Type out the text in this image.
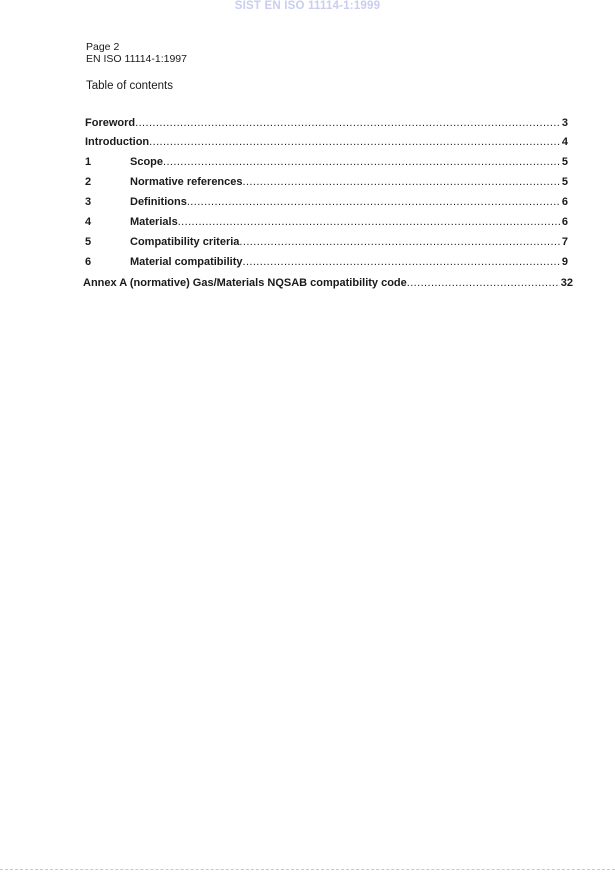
SIST EN ISO 11114-1:1999
Page 2
EN ISO 11114-1:1997
Table of contents
Foreword .....	3
Introduction .....	4
1	Scope .....	5
2	Normative references .....	5
3	Definitions .....	6
4	Materials .....	6
5	Compatibility criteria .....	7
6	Material compatibility .....	9
Annex A (normative) Gas/Materials NQSAB compatibility code .....	32
